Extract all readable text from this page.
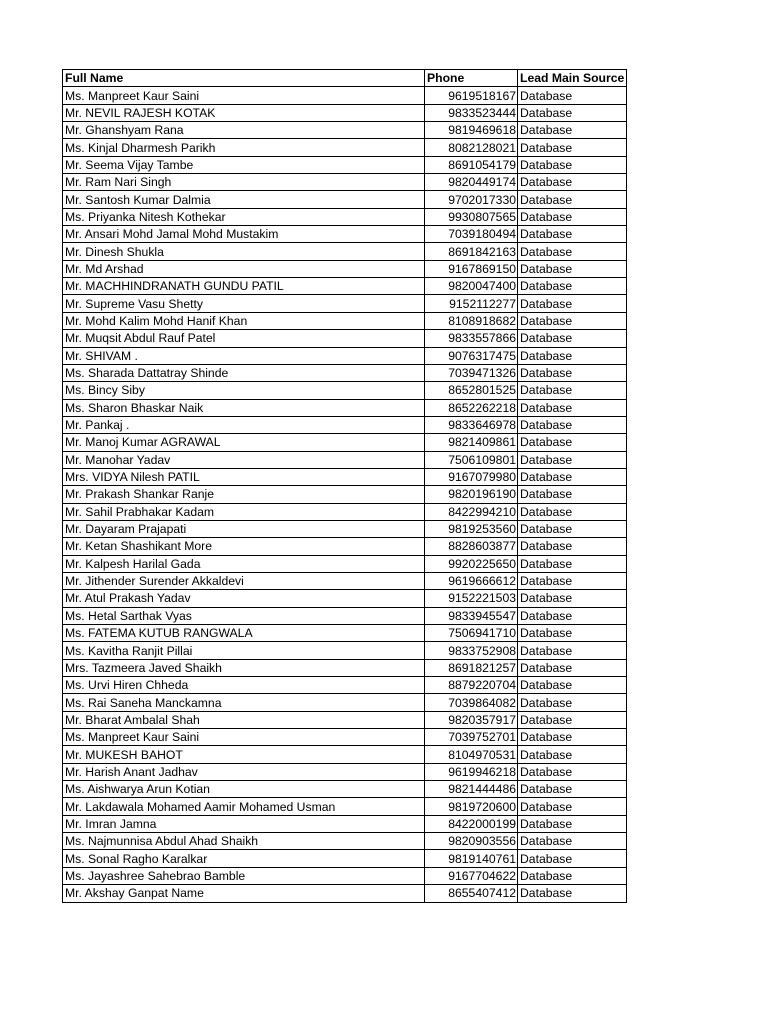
Full Name	Phone	Lead Main Source
Ms. Manpreet Kaur Saini	9619518167	Database
Mr. NEVIL RAJESH KOTAK	9833523444	Database
Mr. Ghanshyam Rana	9819469618	Database
Ms. Kinjal Dharmesh Parikh	8082128021	Database
Mr. Seema Vijay Tambe	8691054179	Database
Mr. Ram Nari Singh	9820449174	Database
Mr. Santosh Kumar Dalmia	9702017330	Database
Ms. Priyanka Nitesh Kothekar	9930807565	Database
Mr. Ansari Mohd Jamal Mohd Mustakim	7039180494	Database
Mr. Dinesh Shukla	8691842163	Database
Mr. Md Arshad	9167869150	Database
Mr. MACHHINDRANATH GUNDU PATIL	9820047400	Database
Mr. Supreme Vasu Shetty	9152112277	Database
Mr. Mohd Kalim Mohd Hanif Khan	8108918682	Database
Mr. Muqsit Abdul Rauf Patel	9833557866	Database
Mr. SHIVAM .	9076317475	Database
Ms. Sharada Dattatray Shinde	7039471326	Database
Ms. Bincy Siby	8652801525	Database
Ms. Sharon Bhaskar Naik	8652262218	Database
Mr. Pankaj .	9833646978	Database
Mr. Manoj Kumar AGRAWAL	9821409861	Database
Mr. Manohar Yadav	7506109801	Database
Mrs. VIDYA Nilesh PATIL	9167079980	Database
Mr. Prakash Shankar Ranje	9820196190	Database
Mr. Sahil Prabhakar Kadam	8422994210	Database
Mr. Dayaram Prajapati	9819253560	Database
Mr. Ketan Shashikant More	8828603877	Database
Mr. Kalpesh Harilal Gada	9920225650	Database
Mr. Jithender Surender Akkaldevi	9619666612	Database
Mr. Atul Prakash Yadav	9152221503	Database
Ms. Hetal Sarthak Vyas	9833945547	Database
Ms. FATEMA KUTUB RANGWALA	7506941710	Database
Ms. Kavitha Ranjit Pillai	9833752908	Database
Mrs. Tazmeera Javed Shaikh	8691821257	Database
Ms. Urvi Hiren Chheda	8879220704	Database
Ms. Rai Saneha Manckamna	7039864082	Database
Mr. Bharat Ambalal Shah	9820357917	Database
Ms. Manpreet Kaur Saini	7039752701	Database
Mr. MUKESH BAHOT	8104970531	Database
Mr. Harish Anant Jadhav	9619946218	Database
Ms. Aishwarya Arun Kotian	9821444486	Database
Mr. Lakdawala Mohamed Aamir Mohamed Usman	9819720600	Database
Mr. Imran Jamna	8422000199	Database
Ms. Najmunnisa Abdul Ahad Shaikh	9820903556	Database
Ms. Sonal Ragho Karalkar	9819140761	Database
Ms. Jayashree Sahebrao Bamble	9167704622	Database
Mr. Akshay Ganpat Name	8655407412	Database
